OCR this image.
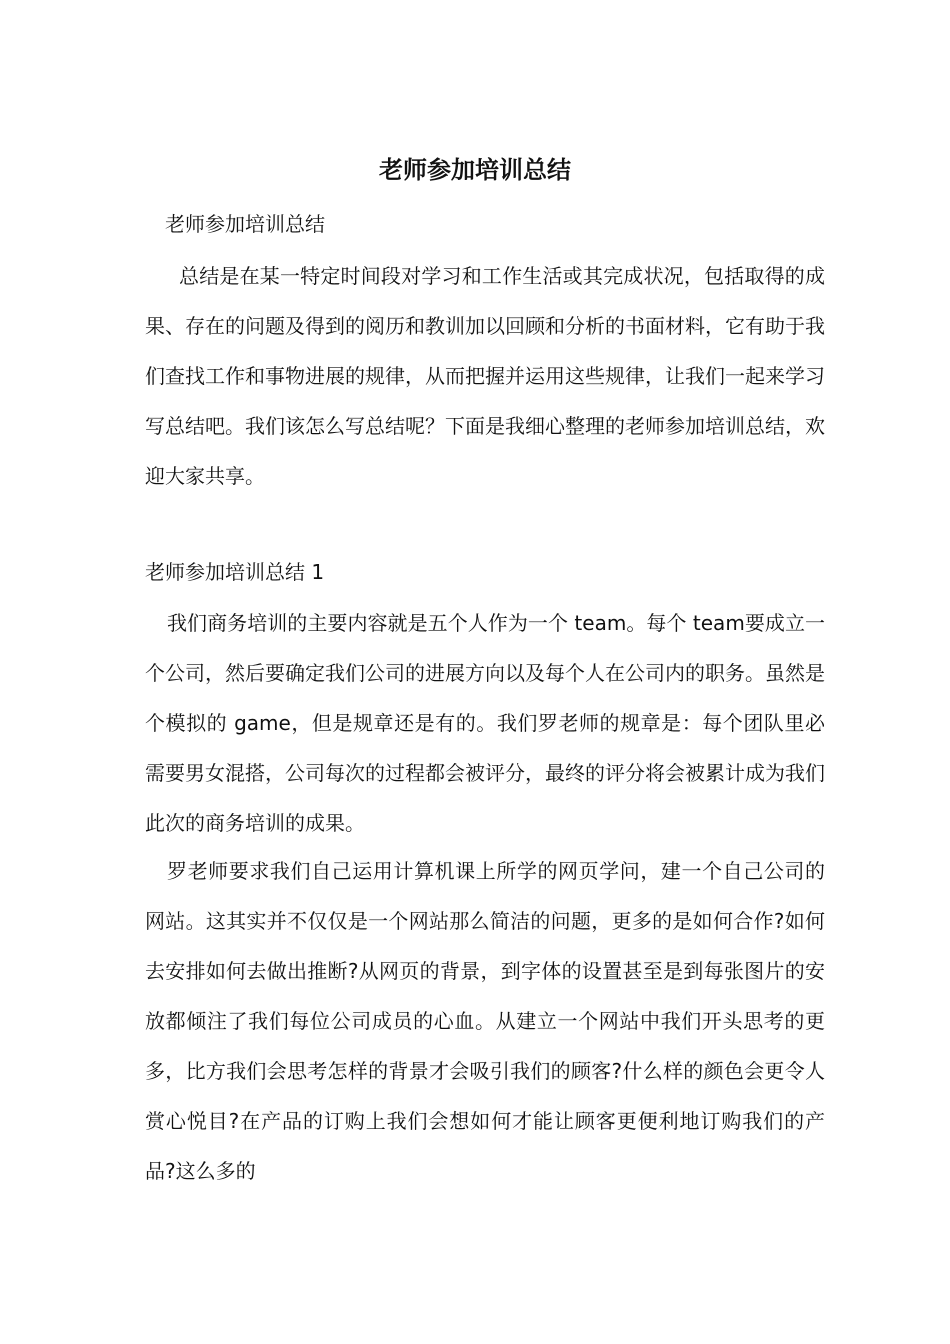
老师参加培训总结

老师参加培训总结

总结是在某一特定时间段对学习和工作生活或其完成状况，包括取得的成果、存在的问题及得到的阅历和教训加以回顾和分析的书面材料，它有助于我们查找工作和事物进展的规律，从而把握并运用这些规律，让我们一起来学习写总结吧。我们该怎么写总结呢？下面是我细心整理的老师参加培训总结，欢迎大家共享。

老师参加培训总结 1

我们商务培训的主要内容就是五个人作为一个 team。每个 team要成立一个公司，然后要确定我们公司的进展方向以及每个人在公司内的职务。虽然是个模拟的 game，但是规章还是有的。我们罗老师的规章是：每个团队里必需要男女混搭，公司每次的过程都会被评分，最终的评分将会被累计成为我们此次的商务培训的成果。

罗老师要求我们自己运用计算机课上所学的网页学问，建一个自己公司的网站。这其实并不仅仅是一个网站那么简洁的问题，更多的是如何合作?如何去安排如何去做出推断?从网页的背景，到字体的设置甚至是到每张图片的安放都倾注了我们每位公司成员的心血。从建立一个网站中我们开头思考的更多，比方我们会思考怎样的背景才会吸引我们的顾客?什么样的颜色会更令人赏心悦目?在产品的订购上我们会想如何才能让顾客更便利地订购我们的产品?这么多的
